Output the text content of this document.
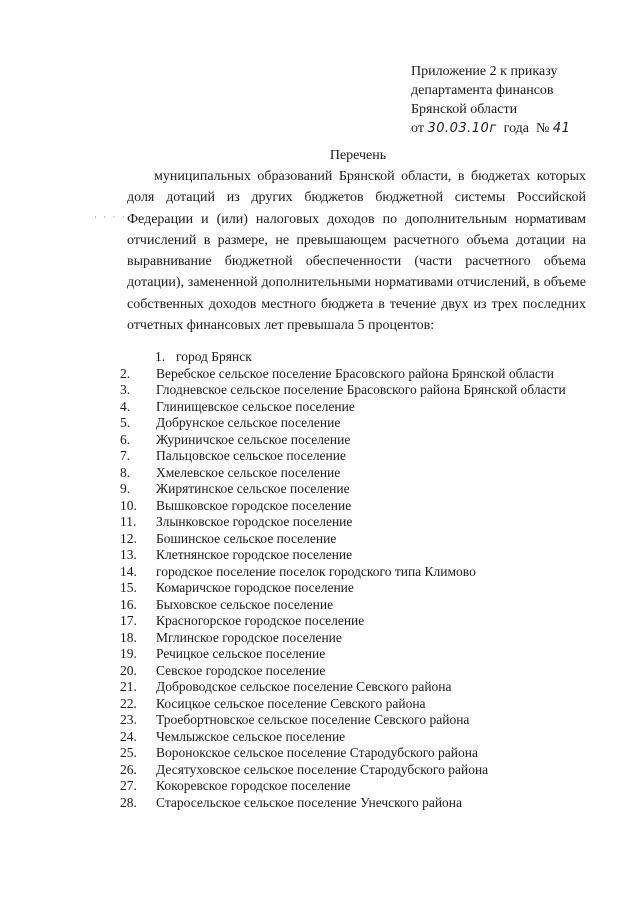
Приложение 2 к приказу
департамента финансов
Брянской области
от 30.03.10г года № 41
Перечень
· · · ·
муниципальных образований Брянской области, в бюджетах которых доля дотаций из других бюджетов бюджетной системы Российской Федерации и (или) налоговых доходов по дополнительным нормативам отчислений в размере, не превышающем расчетного объема дотации на выравнивание бюджетной обеспеченности (части расчетного объема дотации), замененной дополнительными нормативами отчислений, в объеме собственных доходов местного бюджета в течение двух из трех последних отчетных финансовых лет превышала 5 процентов:
1. город Брянск
2.	Веребское сельское поселение Брасовского района Брянской области
3.	Глодневское сельское поселение Брасовского района Брянской области
4.	Глинищевское сельское поселение
5.	Добрунское сельское поселение
6.	Журиничское сельское поселение
7.	Пальцовское сельское поселение
8.	Хмелевское сельское поселение
9.	Жирятинское сельское поселение
10.	Вышковское городское поселение
11.	Злынковское городское поселение
12.	Бошинское сельское поселение
13.	Клетнянское городское поселение
14.	городское поселение поселок городского типа Климово
15.	Комаричское городское поселение
16.	Быховское сельское поселение
17.	Красногорское городское поселение
18.	Мглинское городское поселение
19.	Речицкое сельское поселение
20.	Севское городское поселение
21.	Доброводское сельское поселение Севского района
22.	Косицкое сельское поселение Севского района
23.	Троебортновское сельское поселение Севского района
24.	Чемлыжское сельское поселение
25.	Воронокское сельское поселение Стародубского района
26.	Десятуховское сельское поселение Стародубского района
27.	Кокоревское городское поселение
28.	Старосельское сельское поселение Унечского района
